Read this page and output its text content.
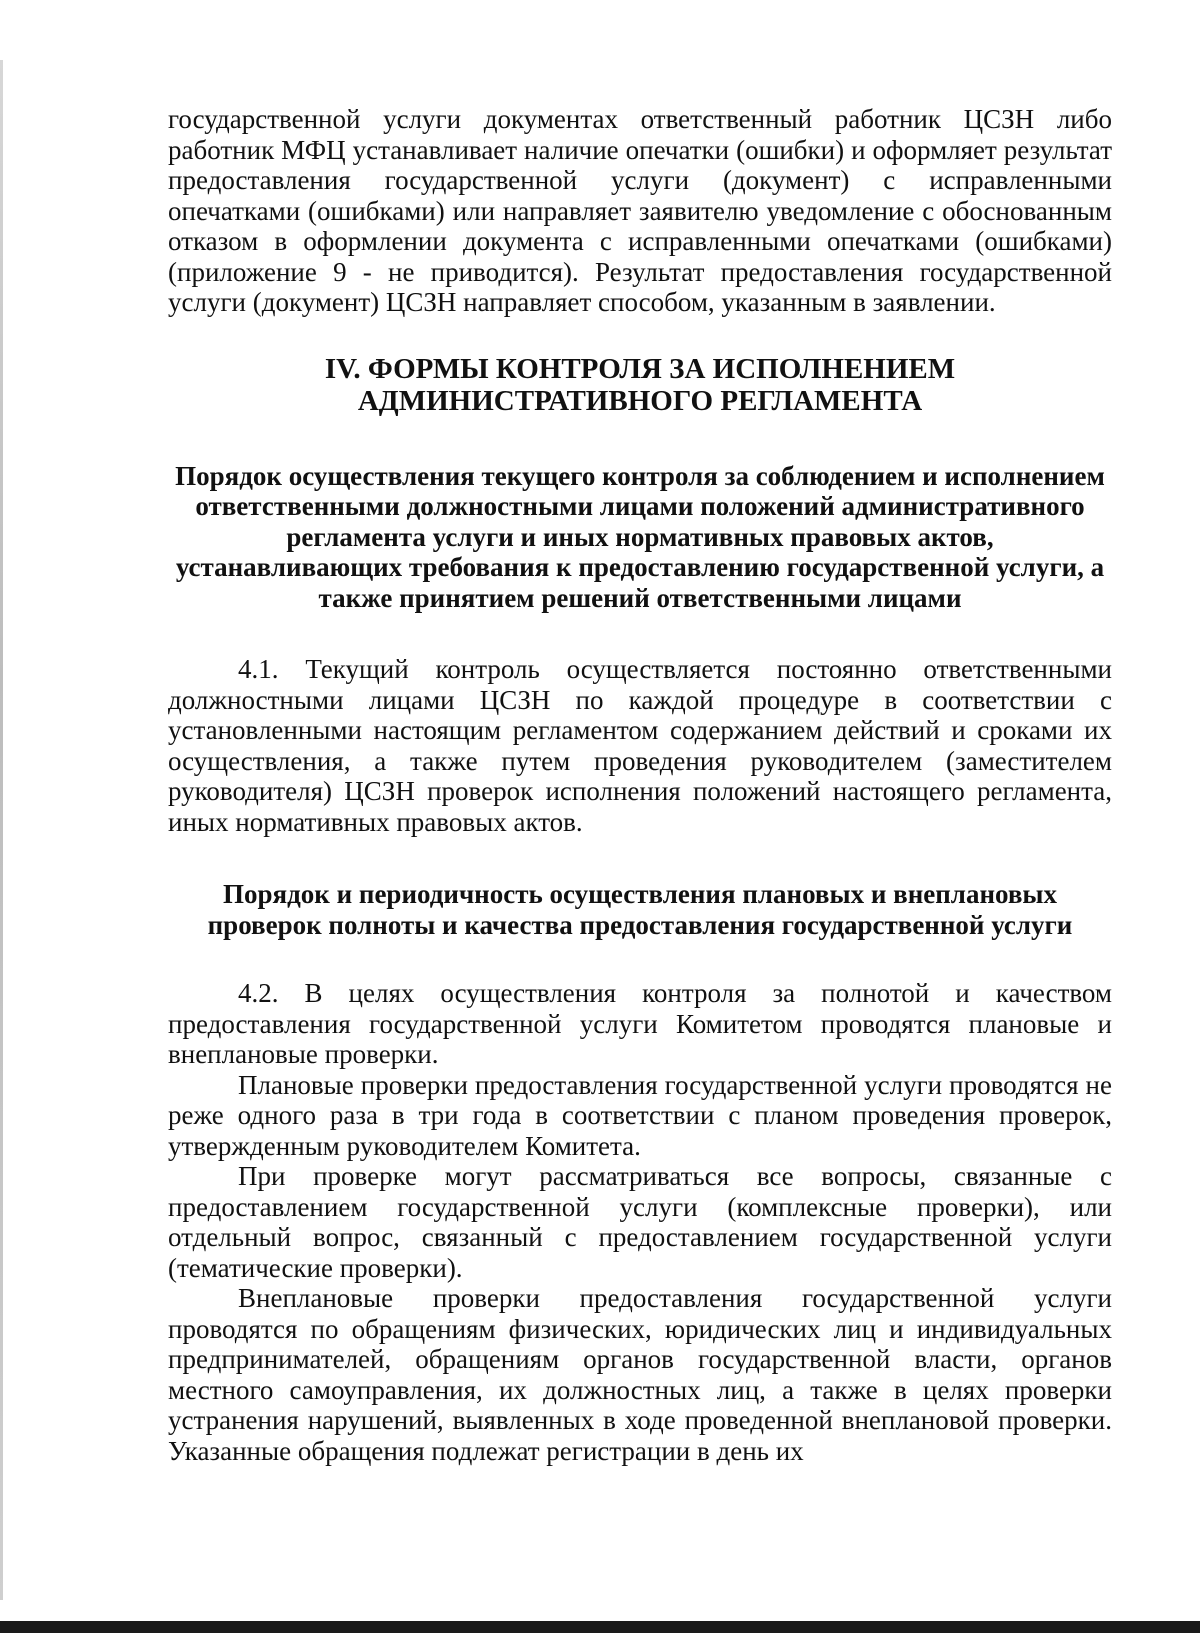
государственной услуги документах ответственный работник ЦСЗН либо работник МФЦ устанавливает наличие опечатки (ошибки) и оформляет результат предоставления государственной услуги (документ) с исправленными опечатками (ошибками) или направляет заявителю уведомление с обоснованным отказом в оформлении документа с исправленными опечатками (ошибками) (приложение 9 - не приводится). Результат предоставления государственной услуги (документ) ЦСЗН направляет способом, указанным в заявлении.

IV. ФОРМЫ КОНТРОЛЯ ЗА ИСПОЛНЕНИЕМ
АДМИНИСТРАТИВНОГО РЕГЛАМЕНТА
Порядок осуществления текущего контроля за соблюдением и исполнением ответственными должностными лицами положений административного регламента услуги и иных нормативных правовых актов, устанавливающих требования к предоставлению государственной услуги, а также принятием решений ответственными лицами

4.1. Текущий контроль осуществляется постоянно ответственными должностными лицами ЦСЗН по каждой процедуре в соответствии с установленными настоящим регламентом содержанием действий и сроками их осуществления, а также путем проведения руководителем (заместителем руководителя) ЦСЗН проверок исполнения положений настоящего регламента, иных нормативных правовых актов.

Порядок и периодичность осуществления плановых и внеплановых проверок полноты и качества предоставления государственной услуги

4.2. В целях осуществления контроля за полнотой и качеством предоставления государственной услуги Комитетом проводятся плановые и внеплановые проверки.

Плановые проверки предоставления государственной услуги проводятся не реже одного раза в три года в соответствии с планом проведения проверок, утвержденным руководителем Комитета.

При проверке могут рассматриваться все вопросы, связанные с предоставлением государственной услуги (комплексные проверки), или отдельный вопрос, связанный с предоставлением государственной услуги (тематические проверки).

Внеплановые проверки предоставления государственной услуги проводятся по обращениям физических, юридических лиц и индивидуальных предпринимателей, обращениям органов государственной власти, органов местного самоуправления, их должностных лиц, а также в целях проверки устранения нарушений, выявленных в ходе проведенной внеплановой проверки. Указанные обращения подлежат регистрации в день их
